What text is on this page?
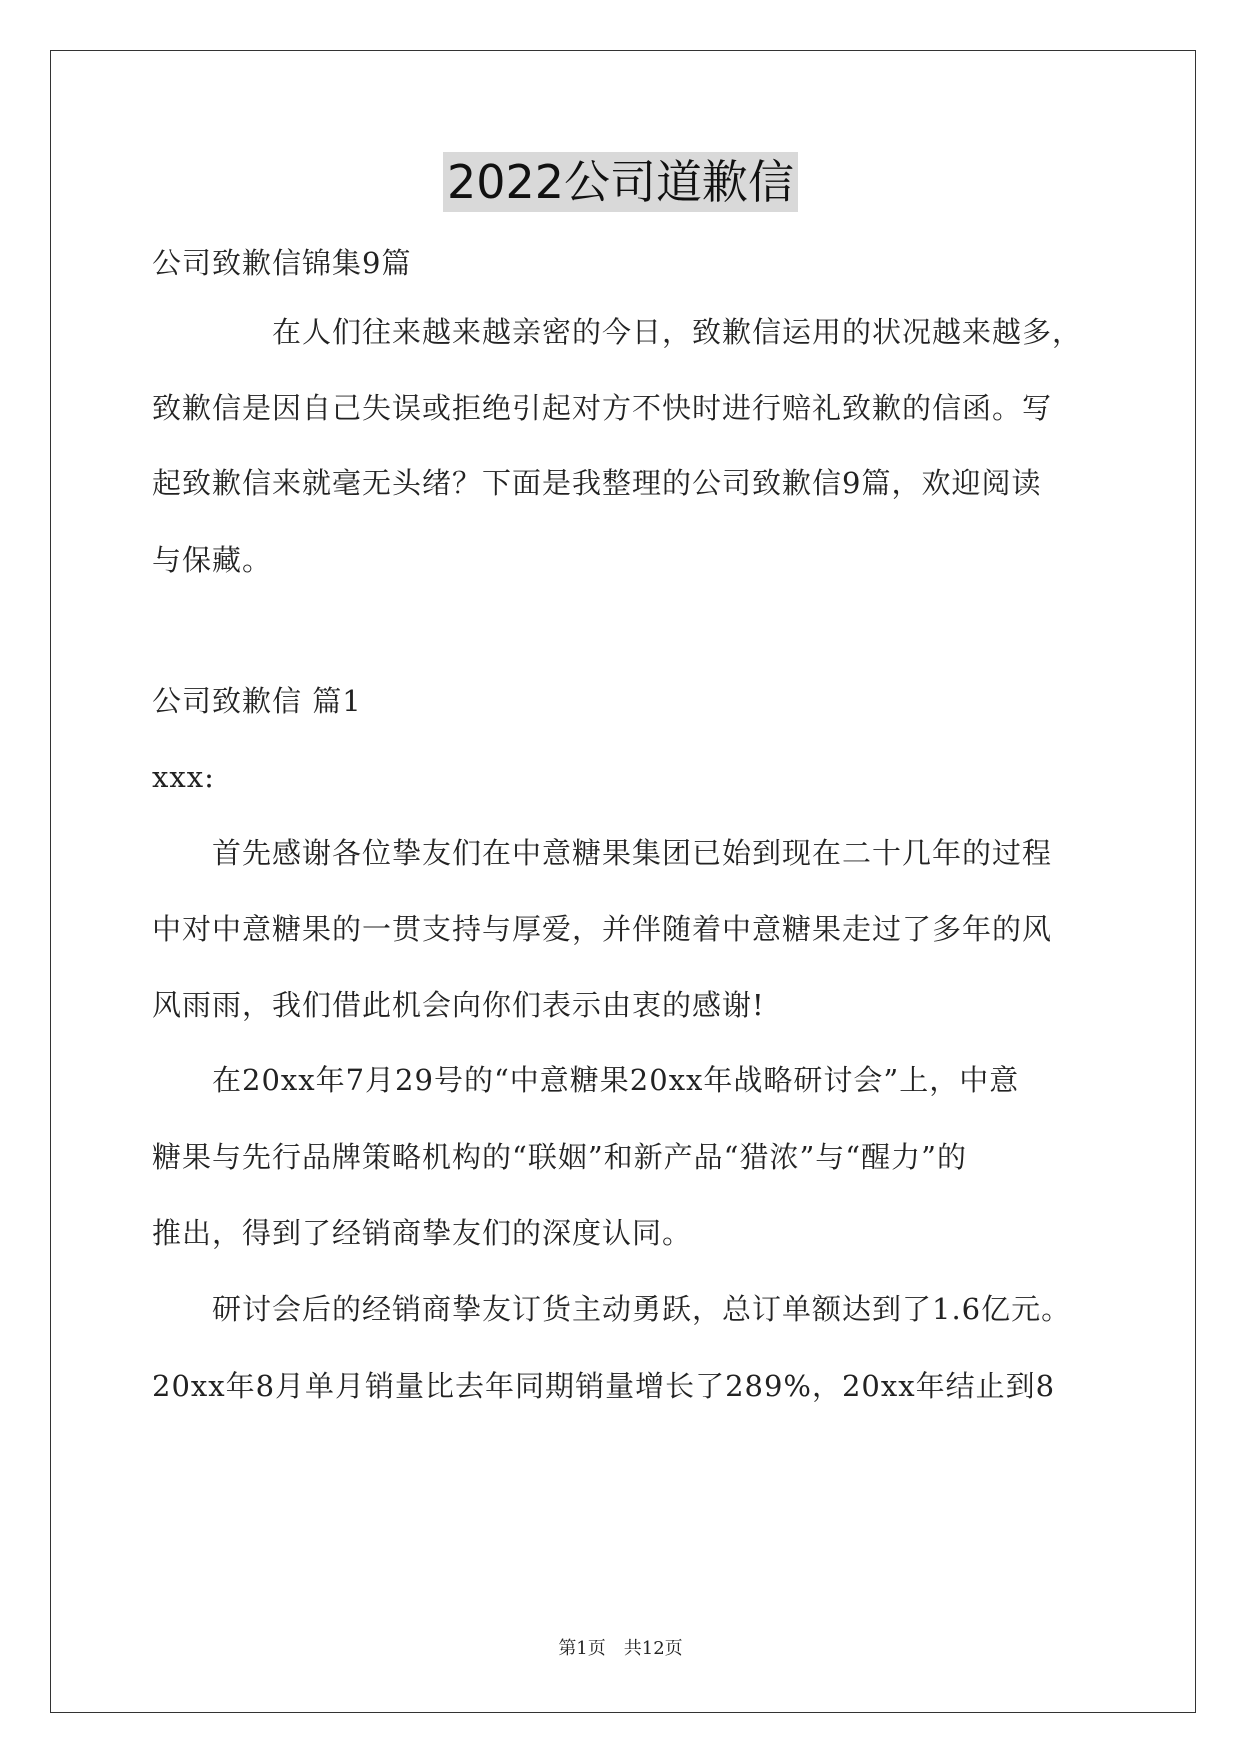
2022公司道歉信
公司致歉信锦集9篇
在人们往来越来越亲密的今日，致歉信运用的状况越来越多，
致歉信是因自己失误或拒绝引起对方不快时进行赔礼致歉的信函。写
起致歉信来就毫无头绪？下面是我整理的公司致歉信9篇，欢迎阅读
与保藏。
公司致歉信 篇1
xxx:
首先感谢各位挚友们在中意糖果集团已始到现在二十几年的过程
中对中意糖果的一贯支持与厚爱，并伴随着中意糖果走过了多年的风
风雨雨，我们借此机会向你们表示由衷的感谢!
在20xx年7月29号的“中意糖果20xx年战略研讨会”上，中意
糖果与先行品牌策略机构的“联姻”和新产品“猎浓”与“醒力”的
推出，得到了经销商挚友们的深度认同。
研讨会后的经销商挚友订货主动勇跃，总订单额达到了1.6亿元。
20xx年8月单月销量比去年同期销量增长了289%，20xx年结止到8
第1页　共12页
